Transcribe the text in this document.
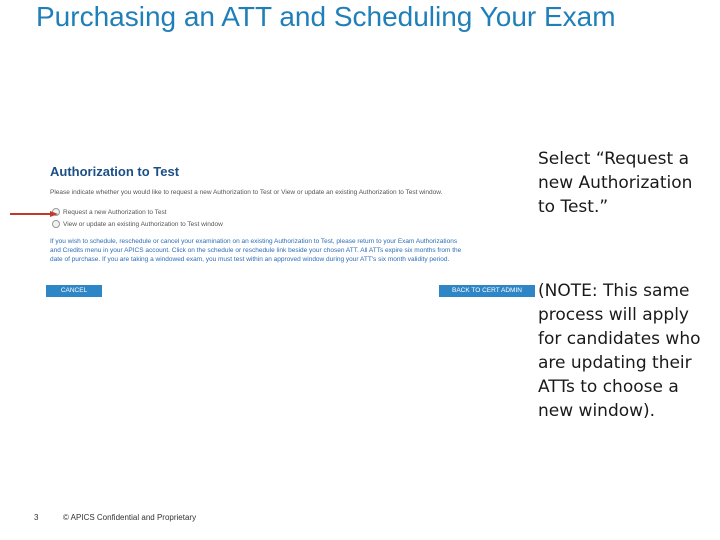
Purchasing an ATT and Scheduling Your Exam
Authorization to Test
Please indicate whether you would like to request a new Authorization to Test or View or update an existing Authorization to Test window.
Request a new Authorization to Test
View or update an existing Authorization to Test window
If you wish to schedule, reschedule or cancel your examination on an existing Authorization to Test, please return to your Exam Authorizations
and Credits menu in your APICS account. Click on the schedule or reschedule link beside your chosen ATT. All ATTs expire six months from the
date of purchase. If you are taking a windowed exam, you must test within an approved window during your ATT's six month validity period.
CANCEL	BACK TO CERT ADMIN
Select “Request a new Authorization to Test.”
(NOTE: This same process will apply for candidates who are updating their ATTs to choose a new window).
3	© APICS Confidential and Proprietary
